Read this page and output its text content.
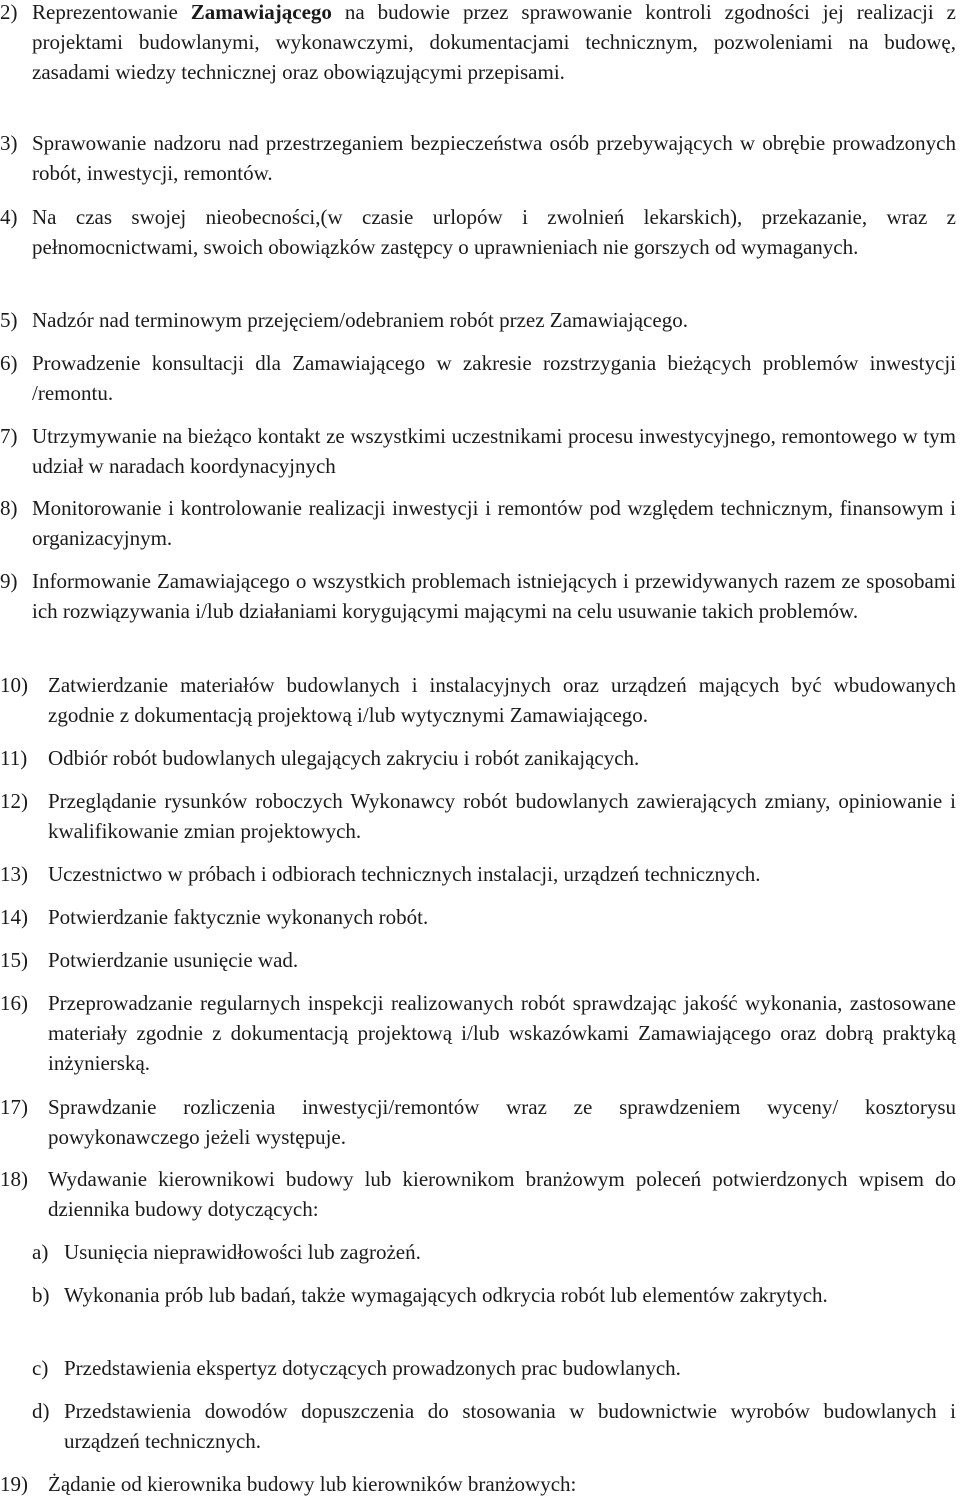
2) Reprezentowanie Zamawiającego na budowie przez sprawowanie kontroli zgodności jej realizacji z projektami budowlanymi, wykonawczymi, dokumentacjami technicznym, pozwoleniami na budowę, zasadami wiedzy technicznej oraz obowiązującymi przepisami.
3) Sprawowanie nadzoru nad przestrzeganiem bezpieczeństwa osób przebywających w obrębie prowadzonych robót, inwestycji, remontów.
4) Na czas swojej nieobecności,(w czasie urlopów i zwolnień lekarskich), przekazanie, wraz z pełnomocnictwami, swoich obowiązków zastępcy o uprawnieniach nie gorszych od wymaganych.
5) Nadzór nad terminowym przejęciem/odebraniem robót przez Zamawiającego.
6) Prowadzenie konsultacji dla Zamawiającego w zakresie rozstrzygania bieżących problemów inwestycji /remontu.
7) Utrzymywanie na bieżąco kontakt ze wszystkimi uczestnikami procesu inwestycyjnego, remontowego w tym udział w naradach koordynacyjnych
8) Monitorowanie i kontrolowanie realizacji inwestycji i remontów pod względem technicznym, finansowym i organizacyjnym.
9) Informowanie Zamawiającego o wszystkich problemach istniejących i przewidywanych razem ze sposobami ich rozwiązywania i/lub działaniami korygującymi mającymi na celu usuwanie takich problemów.
10) Zatwierdzanie materiałów budowlanych i instalacyjnych oraz urządzeń mających być wbudowanych zgodnie z dokumentacją projektową i/lub wytycznymi Zamawiającego.
11) Odbiór robót budowlanych ulegających zakryciu i robót zanikających.
12) Przeglądanie rysunków roboczych Wykonawcy robót budowlanych zawierających zmiany, opiniowanie i kwalifikowanie zmian projektowych.
13) Uczestnictwo w próbach i odbiorach technicznych instalacji, urządzeń technicznych.
14) Potwierdzanie faktycznie wykonanych robót.
15) Potwierdzanie usunięcie wad.
16) Przeprowadzanie regularnych inspekcji realizowanych robót sprawdzając jakość wykonania, zastosowane materiały zgodnie z dokumentacją projektową i/lub wskazówkami Zamawiającego oraz dobrą praktyką inżynierską.
17) Sprawdzanie rozliczenia inwestycji/remontów wraz ze sprawdzeniem wyceny/ kosztorysu powykonawczego jeżeli występuje.
18) Wydawanie kierownikowi budowy lub kierownikom branżowym poleceń potwierdzonych wpisem do dziennika budowy dotyczących:
a) Usunięcia nieprawidłowości lub zagrożeń.
b) Wykonania prób lub badań, także wymagających odkrycia robót lub elementów zakrytych.
c) Przedstawienia ekspertyz dotyczących prowadzonych prac budowlanych.
d) Przedstawienia dowodów dopuszczenia do stosowania w budownictwie wyrobów budowlanych i urządzeń technicznych.
19) Żądanie od kierownika budowy lub kierowników branżowych:
